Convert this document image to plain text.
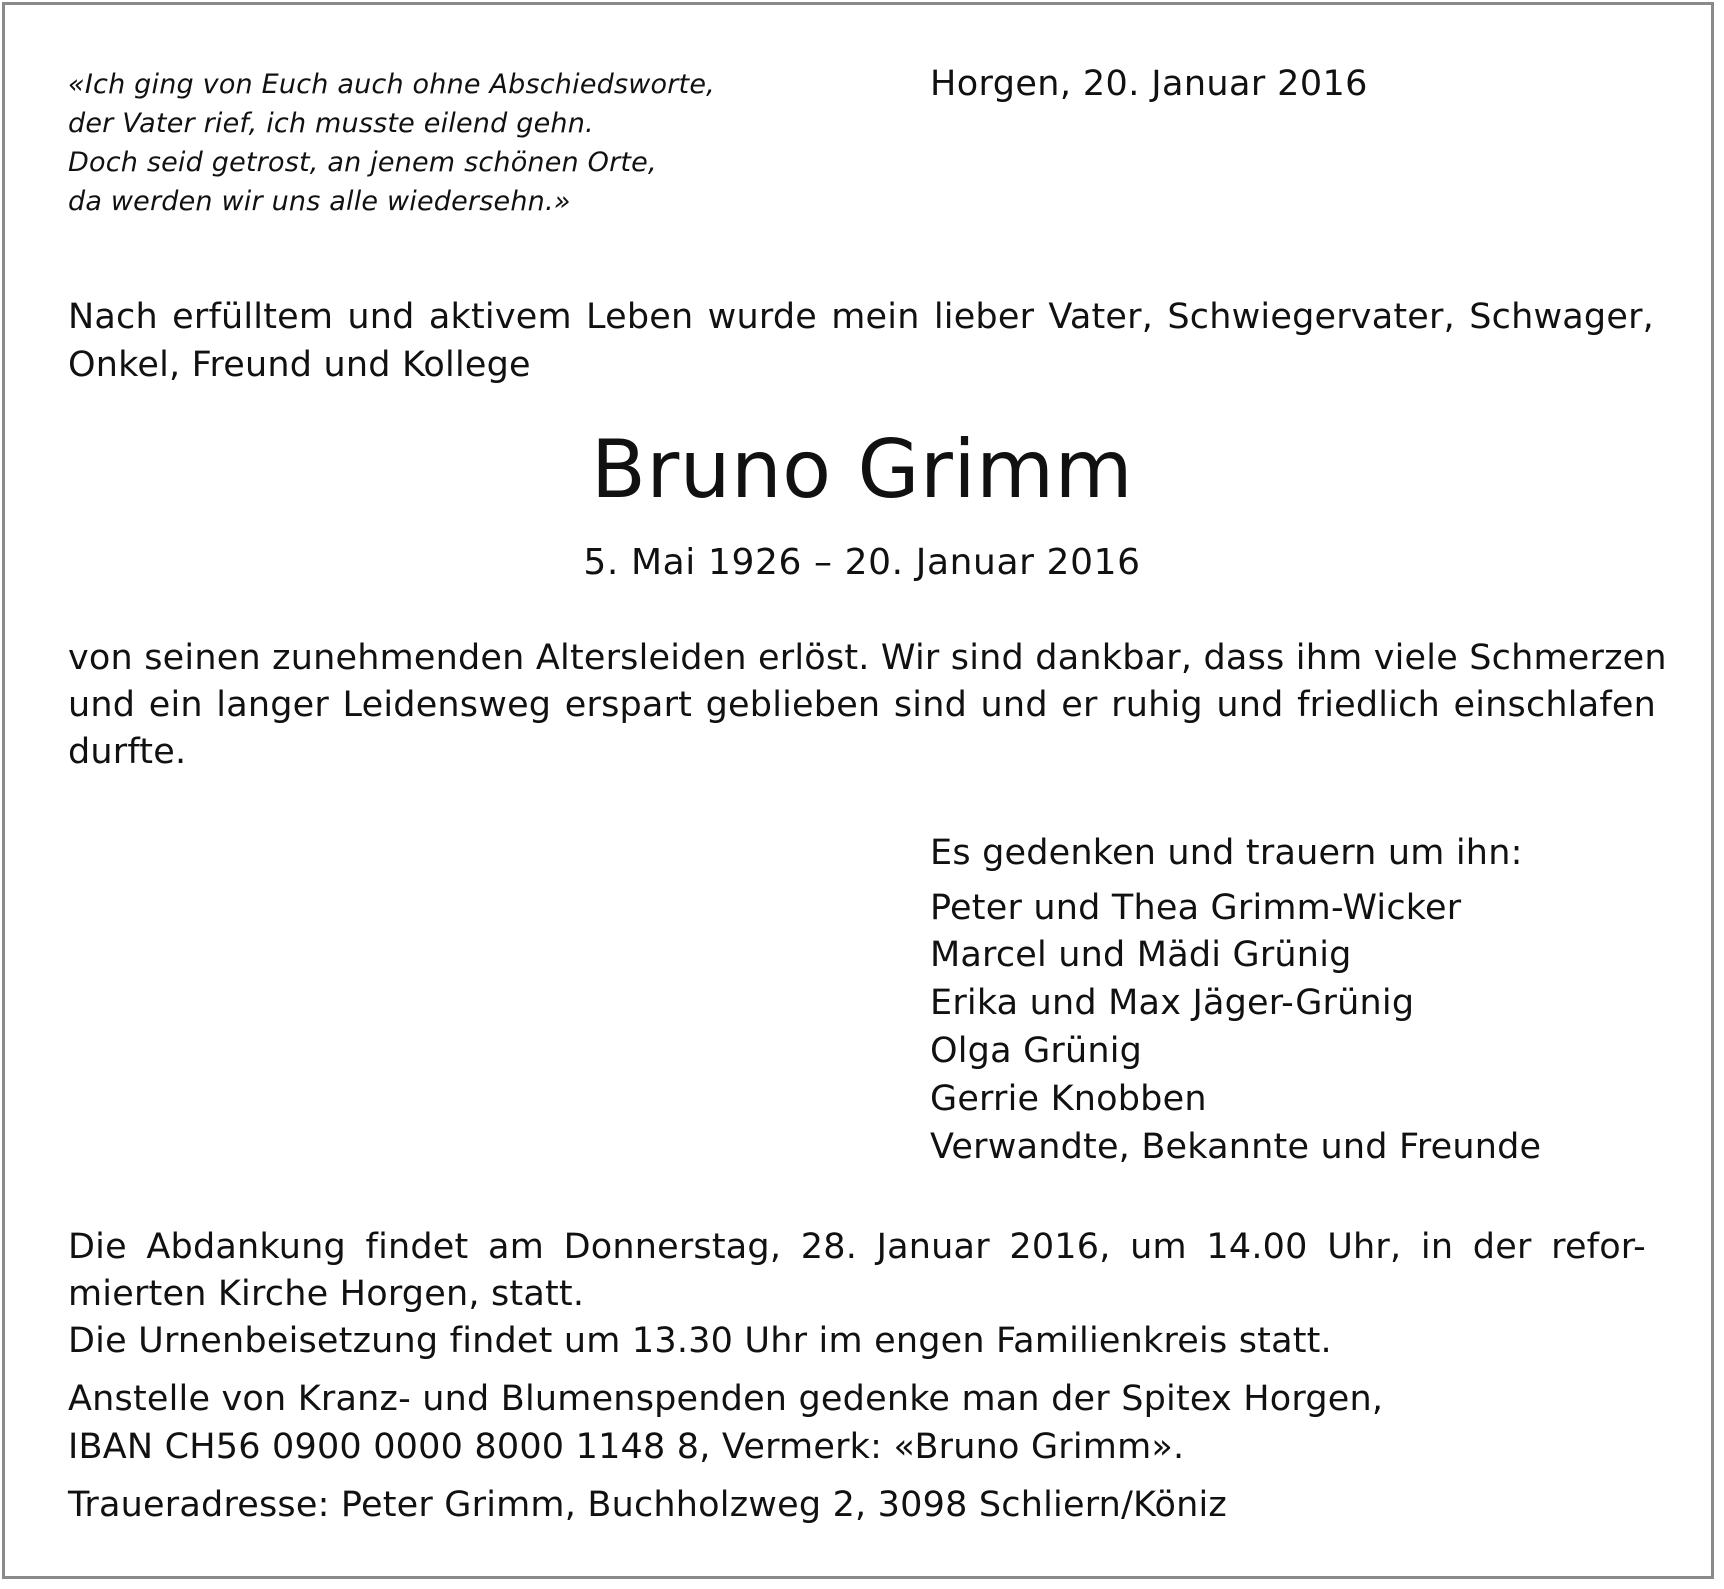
«Ich ging von Euch auch ohne Abschiedsworte,
der Vater rief, ich musste eilend gehn.
Doch seid getrost, an jenem schönen Orte,
da werden wir uns alle wiedersehn.»
Horgen, 20. Januar 2016
Nach erfülltem und aktivem Leben wurde mein lieber Vater, Schwiegervater, Schwager,
Onkel, Freund und Kollege
Bruno Grimm
5. Mai 1926 – 20. Januar 2016
von seinen zunehmenden Altersleiden erlöst. Wir sind dankbar, dass ihm viele Schmerzen
und ein langer Leidensweg erspart geblieben sind und er ruhig und friedlich einschlafen
durfte.
Es gedenken und trauern um ihn:
Peter und Thea Grimm-Wicker
Marcel und Mädi Grünig
Erika und Max Jäger-Grünig
Olga Grünig
Gerrie Knobben
Verwandte, Bekannte und Freunde
Die Abdankung findet am Donnerstag, 28. Januar 2016, um 14.00 Uhr, in der refor-
mierten Kirche Horgen, statt.
Die Urnenbeisetzung findet um 13.30 Uhr im engen Familienkreis statt.
Anstelle von Kranz- und Blumenspenden gedenke man der Spitex Horgen,
IBAN CH56 0900 0000 8000 1148 8, Vermerk: «Bruno Grimm».
Traueradresse: Peter Grimm, Buchholzweg 2, 3098 Schliern/Köniz
